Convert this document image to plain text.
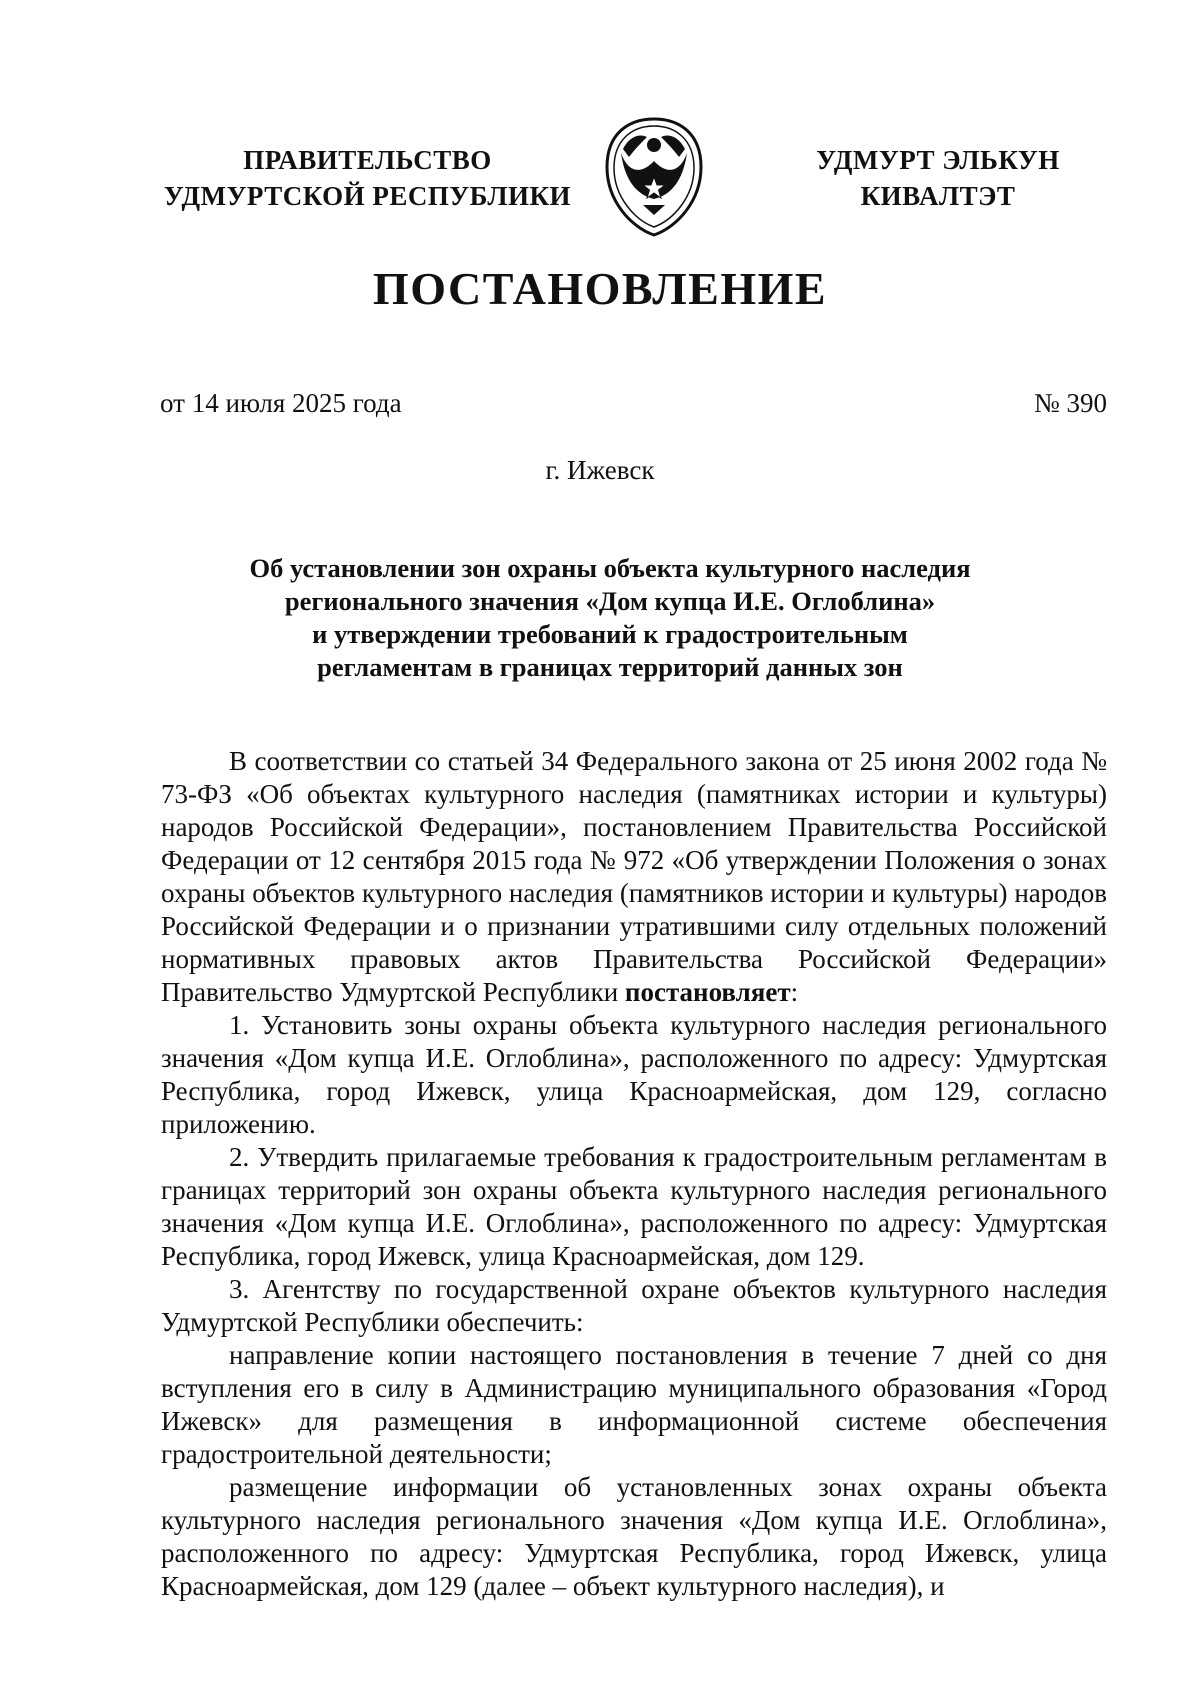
ПРАВИТЕЛЬСТВО
УДМУРТСКОЙ РЕСПУБЛИКИ
УДМУРТ ЭЛЬКУН
КИВАЛТЭТ
ПОСТАНОВЛЕНИЕ
от 14 июля 2025 года	№ 390
г. Ижевск
Об установлении зон охраны объекта культурного наследия
регионального значения «Дом купца И.Е. Оглоблина»
и утверждении требований к градостроительным
регламентам в границах территорий данных зон

В соответствии со статьей 34 Федерального закона от 25 июня 2002 года № 73-ФЗ «Об объектах культурного наследия (памятниках истории и культуры) народов Российской Федерации», постановлением Правительства Российской Федерации от 12 сентября 2015 года № 972 «Об утверждении Положения о зонах охраны объектов культурного наследия (памятников истории и культуры) народов Российской Федерации и о признании утратившими силу отдельных положений нормативных правовых актов Правительства Российской Федерации» Правительство Удмуртской Республики постановляет:

1. Установить зоны охраны объекта культурного наследия регионального значения «Дом купца И.Е. Оглоблина», расположенного по адресу: Удмуртская Республика, город Ижевск, улица Красноармейская, дом 129, согласно приложению.

2. Утвердить прилагаемые требования к градостроительным регламентам в границах территорий зон охраны объекта культурного наследия регионального значения «Дом купца И.Е. Оглоблина», расположенного по адресу: Удмуртская Республика, город Ижевск, улица Красноармейская, дом 129.

3. Агентству по государственной охране объектов культурного наследия Удмуртской Республики обеспечить:

направление копии настоящего постановления в течение 7 дней со дня вступления его в силу в Администрацию муниципального образования «Город Ижевск» для размещения в информационной системе обеспечения градостроительной деятельности;

размещение информации об установленных зонах охраны объекта культурного наследия регионального значения «Дом купца И.Е. Оглоблина», расположенного по адресу: Удмуртская Республика, город Ижевск, улица Красноармейская, дом 129 (далее – объект культурного наследия), и
